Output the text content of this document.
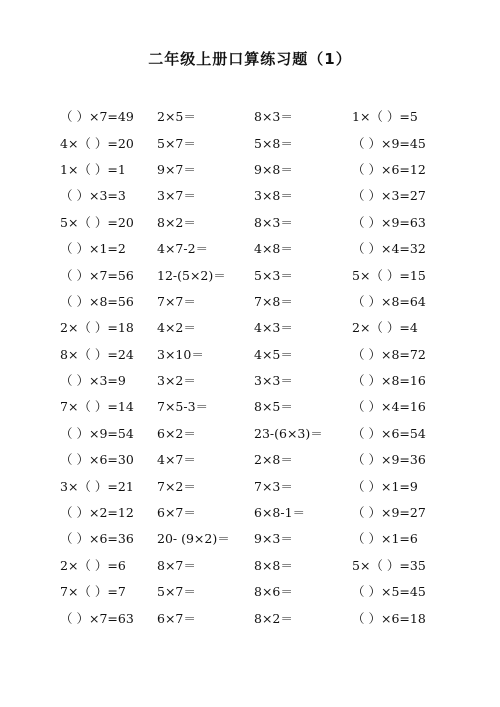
二年级上册口算练习题（1）
（ ）×7=49	2×5＝	8×3＝	1×（ ）=5
4×（ ）=20	5×7＝	5×8＝	（ ）×9=45
1×（ ）=1	9×7＝	9×8＝	（ ）×6=12
（ ）×3=3	3×7＝	3×8＝	（ ）×3=27
5×（ ）=20	8×2＝	8×3＝	（ ）×9=63
（ ）×1=2	4×7-2＝	4×8＝	（ ）×4=32
（ ）×7=56	12-(5×2)＝	5×3＝	5×（ ）=15
（ ）×8=56	7×7＝	7×8＝	（ ）×8=64
2×（ ）=18	4×2＝	4×3＝	2×（ ）=4
8×（ ）=24	3×10＝	4×5＝	（ ）×8=72
（ ）×3=9	3×2＝	3×3＝	（ ）×8=16
7×（ ）=14	7×5-3＝	8×5＝	（ ）×4=16
（ ）×9=54	6×2＝	23-(6×3)＝	（ ）×6=54
（ ）×6=30	4×7＝	2×8＝	（ ）×9=36
3×（ ）=21	7×2＝	7×3＝	（ ）×1=9
（ ）×2=12	6×7＝	6×8-1＝	（ ）×9=27
（ ）×6=36	20- (9×2)＝	9×3＝	（ ）×1=6
2×（ ）=6	8×7＝	8×8＝	5×（ ）=35
7×（ ）=7	5×7＝	8×6＝	（ ）×5=45
（ ）×7=63	6×7＝	8×2＝	（ ）×6=18
